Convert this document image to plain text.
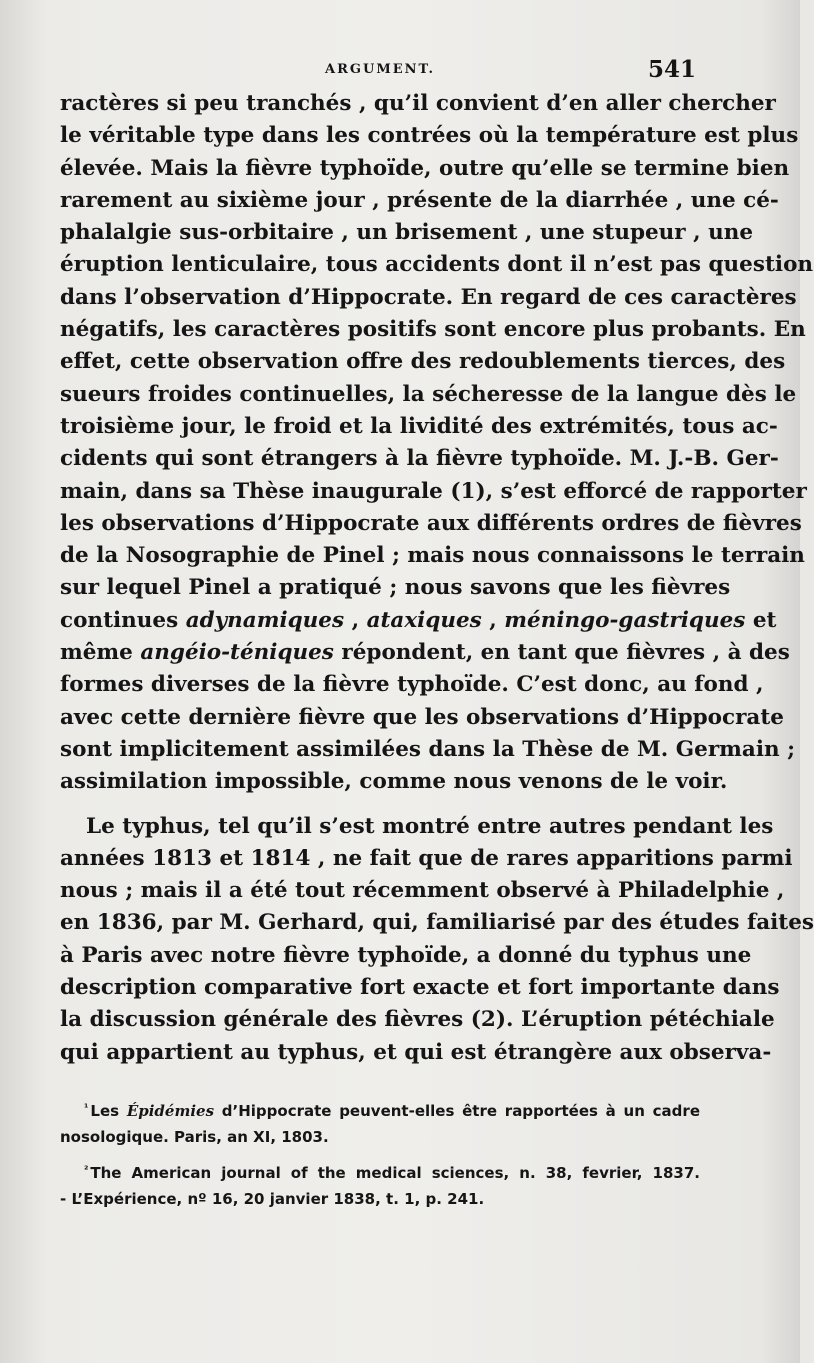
ARGUMENT.	541
ractères si peu tranchés , qu’il convient d’en aller chercher
le véritable type dans les contrées où la température est plus
élevée. Mais la fièvre typhoïde, outre qu’elle se termine bien
rarement au sixième jour , présente de la diarrhée , une cé-
phalalgie sus-orbitaire , un brisement , une stupeur , une
éruption lenticulaire, tous accidents dont il n’est pas question
dans l’observation d’Hippocrate. En regard de ces caractères
négatifs, les caractères positifs sont encore plus probants. En
effet, cette observation offre des redoublements tierces, des
sueurs froides continuelles, la sécheresse de la langue dès le
troisième jour, le froid et la lividité des extrémités, tous ac-
cidents qui sont étrangers à la fièvre typhoïde. M. J.-B. Ger-
main, dans sa Thèse inaugurale (1), s’est efforcé de rapporter
les observations d’Hippocrate aux différents ordres de fièvres
de la Nosographie de Pinel ; mais nous connaissons le terrain
sur lequel Pinel a pratiqué ; nous savons que les fièvres
continues adynamiques , ataxiques , méningo-gastriques et
même angéio-téniques répondent, en tant que fièvres , à des
formes diverses de la fièvre typhoïde. C’est donc, au fond ,
avec cette dernière fièvre que les observations d’Hippocrate
sont implicitement assimilées dans la Thèse de M. Germain ;
assimilation impossible, comme nous venons de le voir.
Le typhus, tel qu’il s’est montré entre autres pendant les
années 1813 et 1814 , ne fait que de rares apparitions parmi
nous ; mais il a été tout récemment observé à Philadelphie ,
en 1836, par M. Gerhard, qui, familiarisé par des études faites
à Paris avec notre fièvre typhoïde, a donné du typhus une
description comparative fort exacte et fort importante dans
la discussion générale des fièvres (2). L’éruption pétéchiale
qui appartient au typhus, et qui est étrangère aux observa-
$^{^1}$ Les Épidémies d’Hippocrate peuvent-elles être rapportées à un cadre
nosologique. Paris, an XI, 1803.
$^{^2}$ The American journal of the medical sciences, n. 38, fevrier, 1837.
- L’Expérience, nº 16, 20 janvier 1838, t. 1, p. 241.
